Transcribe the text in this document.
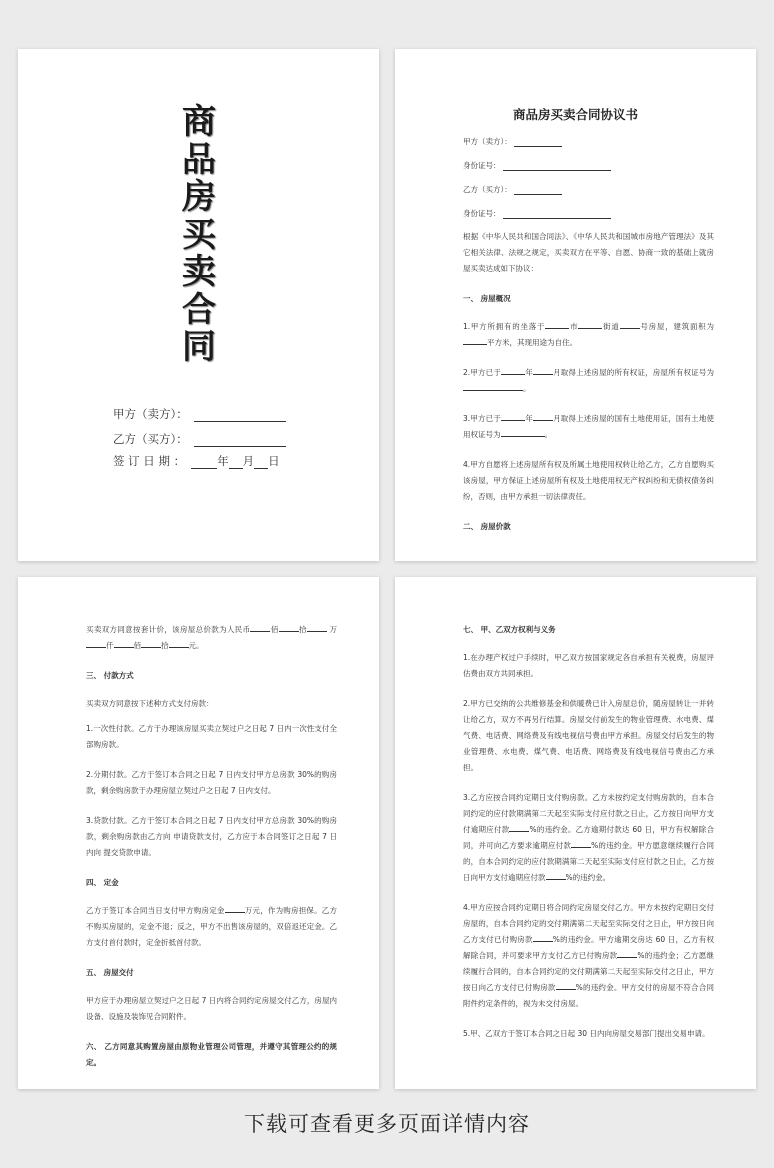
商
品
房
买
卖
合
同
甲方（卖方）：
乙方（买方）：
签 订 日 期 ：	年 月 日
商品房买卖合同协议书
甲方（卖方）：
身份证号：
乙方（买方）：
身份证号：

根据《中华人民共和国合同法》、《中华人民共和国城市房地产管理法》及其它相关法律、法规之规定，买卖双方在平等、自愿、协商一致的基础上就房屋买卖达成如下协议：

一、 房屋概况

1.甲方所拥有的坐落于	市	街道	号房屋，建筑面积为 平方米，其现用途为自住。

2.甲方已于	年	月取得上述房屋的所有权证，房屋所有权证号为 。

3.甲方已于	年	月取得上述房屋的国有土地使用证，国有土地使用权证号为	。

4.甲方自愿将上述房屋所有权及所属土地使用权转让给乙方，乙方自愿购买该房屋，甲方保证上述房屋所有权及土地使用权无产权纠纷和无债权债务纠纷，否则，由甲方承担一切法律责任。

二、 房屋价款

买卖双方同意按套计价，该房屋总价款为人民币	佰	拾	万仟	佰	拾	元。

三、 付款方式

买卖双方同意按下述种方式支付房款：

1.一次性付款。乙方于办理该房屋买卖立契过户之日起 7 日内一次性支付全部购房款。

2.分期付款。乙方于签订本合同之日起 7 日内支付甲方总房款 30%的购房款，剩余购房款于办理房屋立契过户之日起 7 日内支付。

3.贷款付款。乙方于签订本合同之日起 7 日内支付甲方总房款 30%的购房款，剩余购房款由乙方向 申请贷款支付，乙方应于本合同签订之日起 7 日内向 提交贷款申请。

四、 定金

乙方于签订本合同当日支付甲方购房定金	万元，作为购房担保。乙方不购买房屋的，定金不退；反之，甲方不出售该房屋的，双倍返还定金。乙方支付首付款时，定金折抵首付款。

五、 房屋交付

甲方应于办理房屋立契过户之日起 7 日内将合同约定房屋交付乙方，房屋内设备、设施及装饰见合同附件。

六、 乙方同意其购置房屋由原物业管理公司管理，并遵守其管理公约的规定。

七、 甲、乙双方权利与义务

1.在办理产权过户手续时，甲乙双方按国家规定各自承担有关税费，房屋评估费由双方共同承担。

2.甲方已交纳的公共维修基金和供暖费已计入房屋总价，随房屋转让一并转让给乙方，双方不再另行结算。房屋交付前发生的物业管理费、水电费、煤气费、电话费、网络费及有线电视信号费由甲方承担。房屋交付后发生的物业管理费、水电费、煤气费、电话费、网络费及有线电视信号费由乙方承担。

3.乙方应按合同约定期日支付购房款。乙方未按约定支付购房款的，自本合同约定的应付款期满第二天起至实际支付应付款之日止，乙方按日向甲方支付逾期应付款	%的违约金。乙方逾期付款达 60 日，甲方有权解除合同，并可向乙方要求逾期应付款	%的违约金。甲方愿意继续履行合同的，自本合同约定的应付款期满第二天起至实际支付应付款之日止，乙方按日向甲方支付逾期应付款	%的违约金。

4.甲方应按合同约定期日将合同约定房屋交付乙方。甲方未按约定期日交付房屋的，自本合同约定的交付期满第二天起至实际交付之日止，甲方按日向乙方支付已付购房款	%的违约金。甲方逾期交房达 60 日，乙方有权解除合同，并可要求甲方支付乙方已付购房款	%的违约金；乙方愿继续履行合同的，自本合同约定的交付期满第二天起至实际交付之日止，甲方按日向乙方支付已付购房款	%的违约金。甲方交付的房屋不符合合同附件约定条件的，视为未交付房屋。

5.甲、乙双方于签订本合同之日起 30 日内向房屋交易部门提出交易申请。

下载可查看更多页面详情内容
